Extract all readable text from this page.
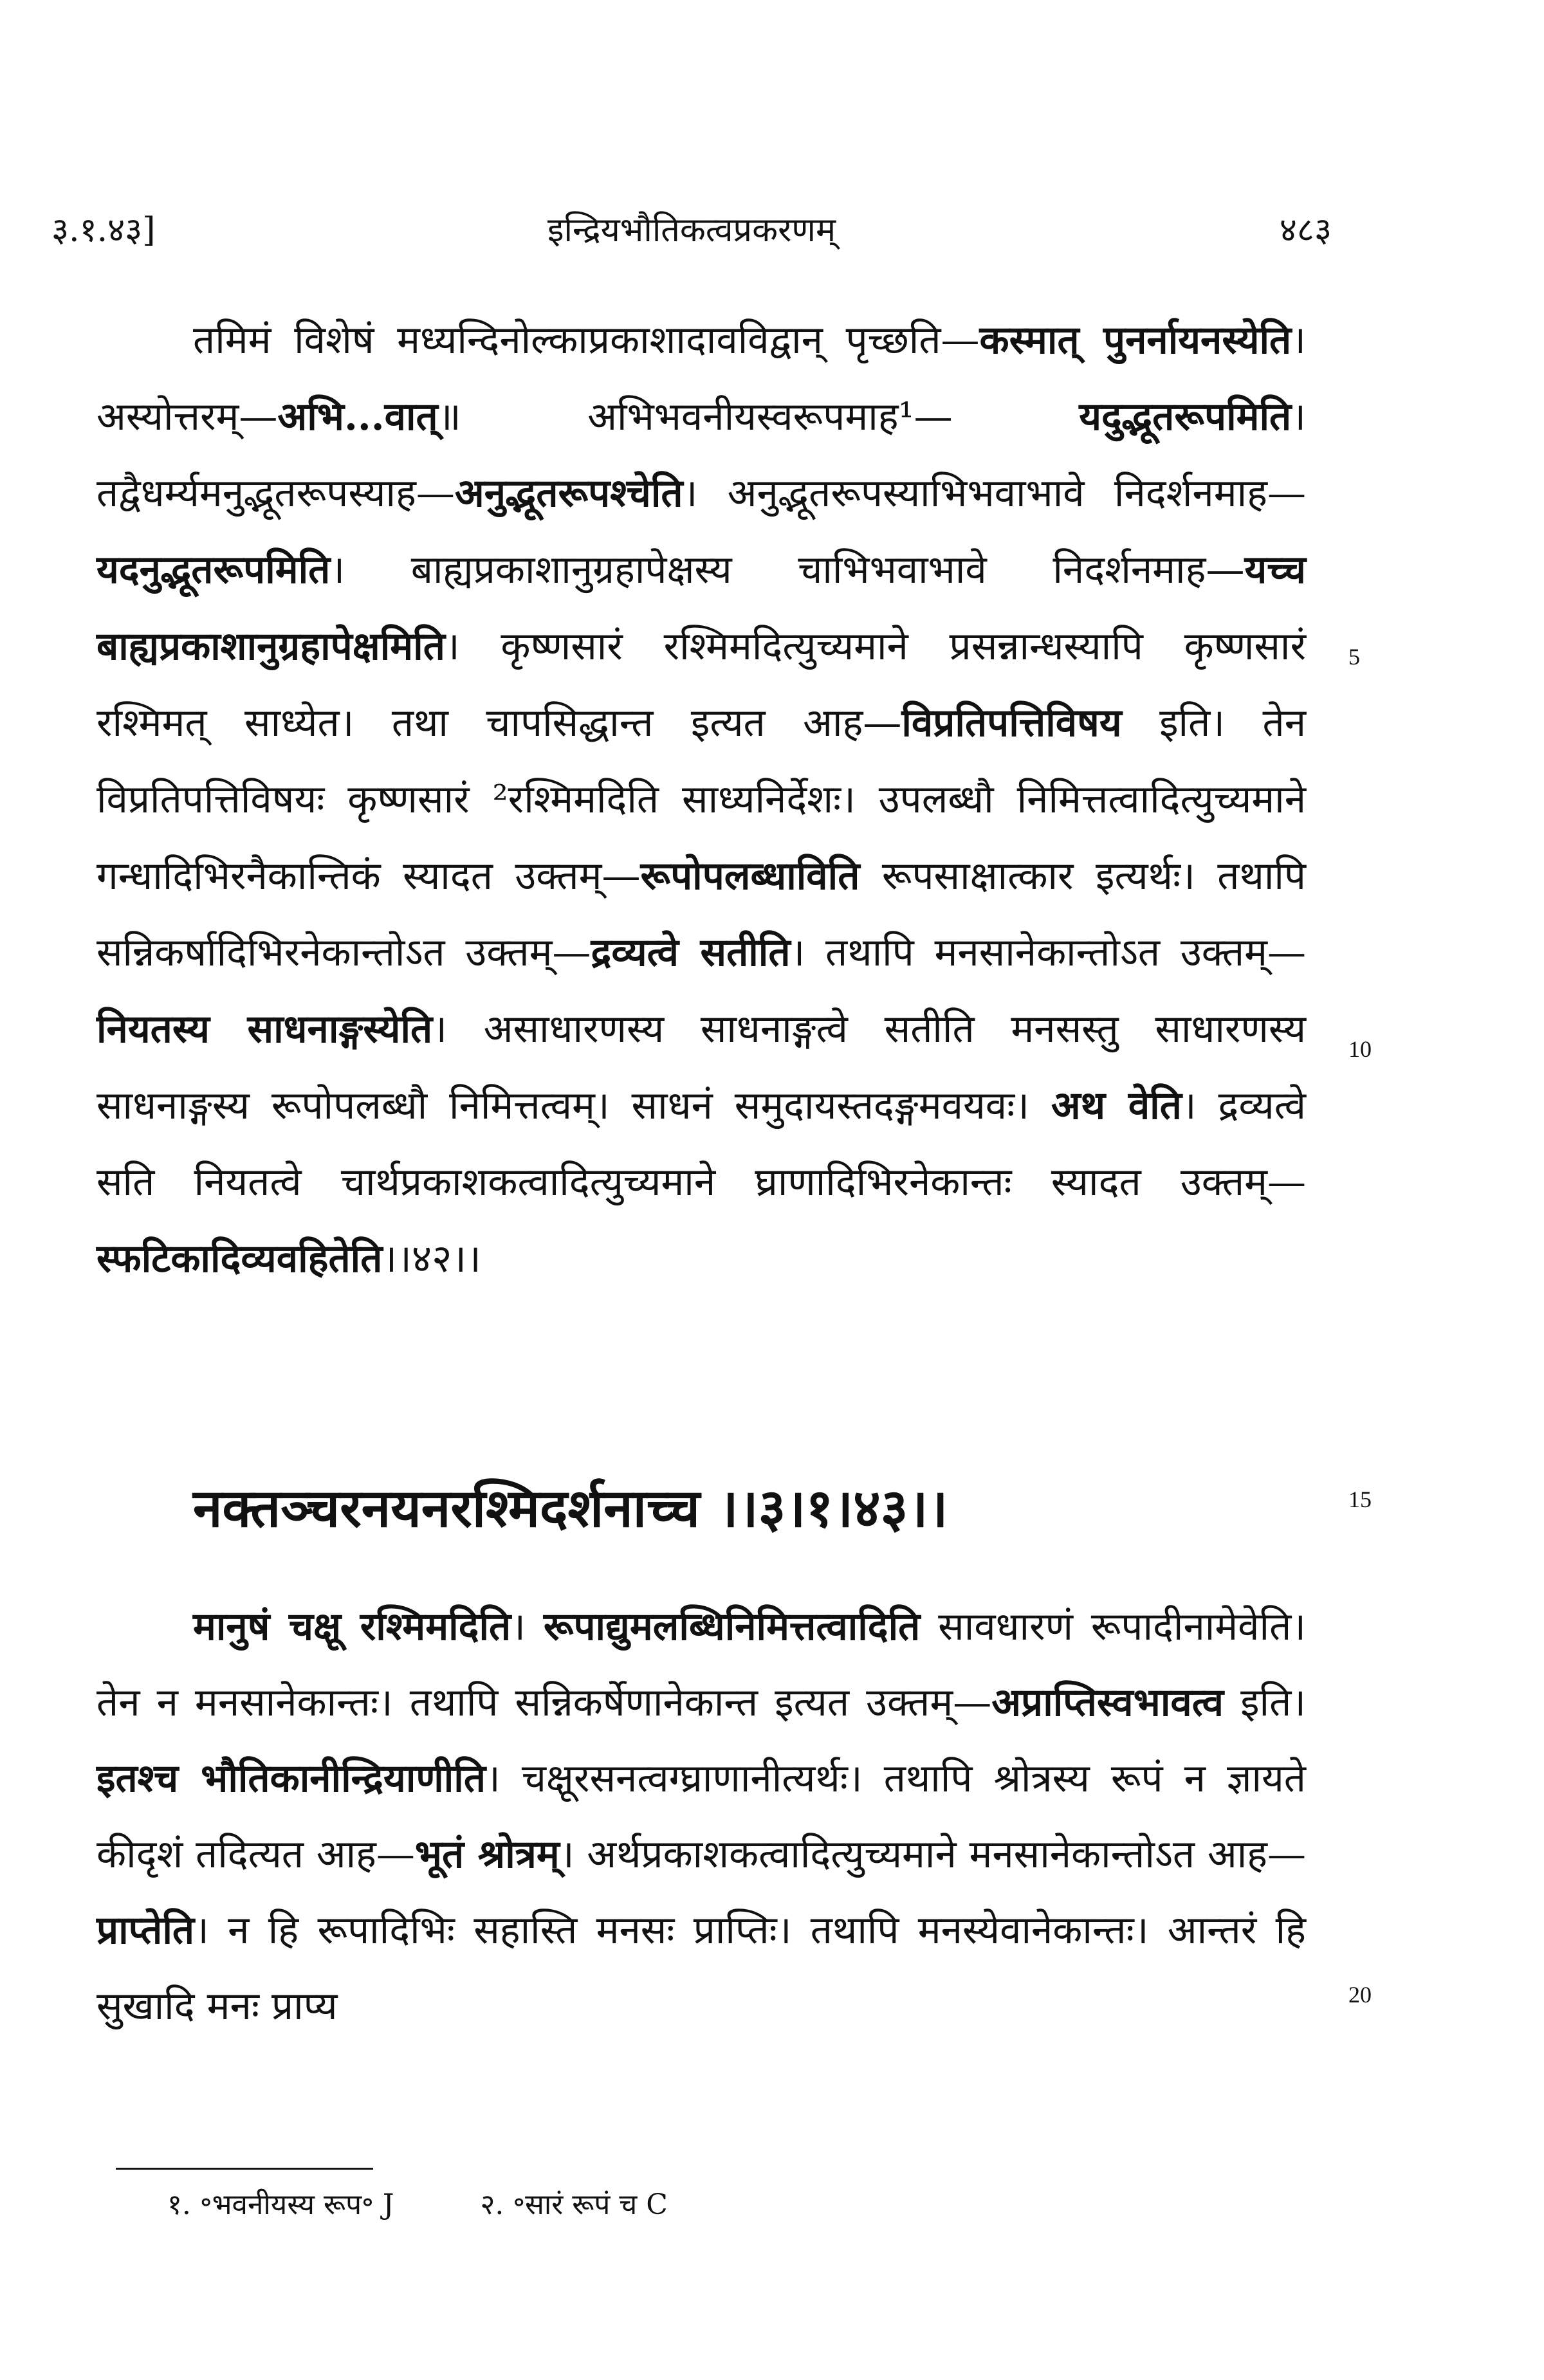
३.१.४३]	इन्द्रियभौतिकत्वप्रकरणम्	४८३

तमिमं विशेषं मध्यन्दिनोल्काप्रकाशादावविद्वान् पृच्छति—कस्मात् पुनर्नायनस्येति। अस्योत्तरम्—अभि...वात्॥ अभिभवनीयस्वरूपमाह¹— यदुद्भूतरूपमिति। तद्वैधर्म्यमनुद्भूतरूपस्याह—अनुद्भूतरूपश्चेति। अनुद्भूतरूपस्याभिभवाभावे निदर्शनमाह—यदनुद्भूतरूपमिति। बाह्यप्रकाशानुग्रहापेक्षस्य चाभिभवाभावे निदर्शनमाह—यच्च बाह्यप्रकाशानुग्रहापेक्षमिति। कृष्णसारं रश्मिमदित्युच्यमाने प्रसन्नान्धस्यापि कृष्णसारं रश्मिमत् साध्येत। तथा चापसिद्धान्त इत्यत आह—विप्रतिपत्तिविषय इति। तेन विप्रतिपत्तिविषयः कृष्णसारं ²रश्मिमदिति साध्यनिर्देशः। उपलब्धौ निमित्तत्वादित्युच्यमाने गन्धादिभिरनैकान्तिकं स्यादत उक्तम्—रूपोपलब्धाविति रूपसाक्षात्कार इत्यर्थः। तथापि सन्निकर्षादिभिरनेकान्तोऽत उक्तम्—द्रव्यत्वे सतीति। तथापि मनसानेकान्तोऽत उक्तम्—नियतस्य साधनाङ्गस्येति। असाधारणस्य साधनाङ्गत्वे सतीति मनसस्तु साधारणस्य साधनाङ्गस्य रूपोपलब्धौ निमित्तत्वम्। साधनं समुदायस्तदङ्गमवयवः। अथ वेति। द्रव्यत्वे सति नियतत्वे चार्थप्रकाशकत्वादित्युच्यमाने घ्राणादिभिरनेकान्तः स्यादत उक्तम्— स्फटिकादिव्यवहितेति।।४२।।

नक्तञ्चरनयनरश्मिदर्शनाच्च ।।३।१।४३।।

मानुषं चक्षू रश्मिमदिति। रूपाद्युमलब्धिनिमित्तत्वादिति सावधारणं रूपादीनामेवेति। तेन न मनसानेकान्तः। तथापि सन्निकर्षेणानेकान्त इत्यत उक्तम्—अप्राप्तिस्वभावत्व इति। इतश्च भौतिकानीन्द्रियाणीति। चक्षूरसनत्वग्घ्राणानीत्यर्थः। तथापि श्रोत्रस्य रूपं न ज्ञायते कीदृशं तदित्यत आह—भूतं श्रोत्रम्। अर्थप्रकाशकत्वादित्युच्यमाने मनसानेकान्तोऽत आह—प्राप्तेति। न हि रूपादिभिः सहास्ति मनसः प्राप्तिः। तथापि मनस्येवानेकान्तः। आन्तरं हि सुखादि मनः प्राप्य

5
10
15
20
१. ॰भवनीयस्य रूप॰ J	२. ॰सारं रूपं च C
